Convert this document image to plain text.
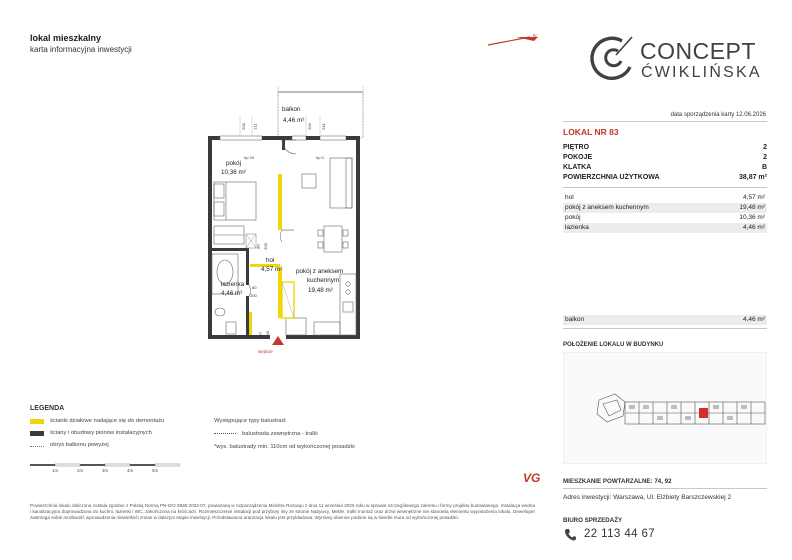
lokal mieszkalny
karta informacyjna inwestycji
N
CONCEPT
ĆWIKLIŃSKA
data sporządzenia karty 12.06.2026
LOKAL NR 83
PIĘTRO	2
POKOJE	2
KLATKA	B
POWIERZCHNIA UŻYTKOWA	38,87 m²
hol	4,57 m²
pokój z aneksem kuchennym	19,48 m²
pokój	10,36 m²
łazienka	4,46 m²
balkon	4,46 m²
POŁOŻENIE LOKALU W BUDYNKU
MIESZKANIE POWTARZALNE: 74, 92
Adres inwestycji: Warszawa, Ul. Elżbiety Barszczewskiej 2
BIURO SPRZEDAŻY
22 113 44 67
balkon
4,46 m²
pokój
10,36 m²
hol
4,57 m² pokój z aneksem
kuchennym
19,48 m²
łazienka
4,46 m²
wejście
200 211	200 241
hp 20	hp 0
80 200
80
200
90 200
LEGENDA
ścianki działowe nadające się do demontażu
ściany i obudowy pionów instalacyjnych
obrys balkonu powyżej
Występujące typy balustrad:
balustrada zewnętrzna - tralki
*wys. balustrady min. 110cm od wykończonej posadzki
1m	2m	3m	4m	5m
VG
Powierzchnia lokalu obliczona zostala zgodnie z Polską Normą PN-ISO 9836:2022-07, powiazaną w rozporządzeniu Ministra Rozwoju z dnia 11 września 2020 roku w sprawie szczegółowego zakresu i formy projektu budowlanego. Instalacja wodna i kanalizacyjna doprowadzona do kuchni, łazienki i WC, zakończona na króćcach. Rozmieszczenie instalacji pod przybory ilny ze stronie Nabywcy. Meble, tralki montaż oraz drzwi wewnętrzne nie stanowią elementu wyposażenia lokalu. Deweloper zastrzega sobie możliwość wprowadzenia niewielkich zmian w dalszym etapie inwestycji. Przedstawiona aranżacja lokalu jest przykładowa. Wymiary okienne podane są w świetle muru od wykończonej posadzki.
